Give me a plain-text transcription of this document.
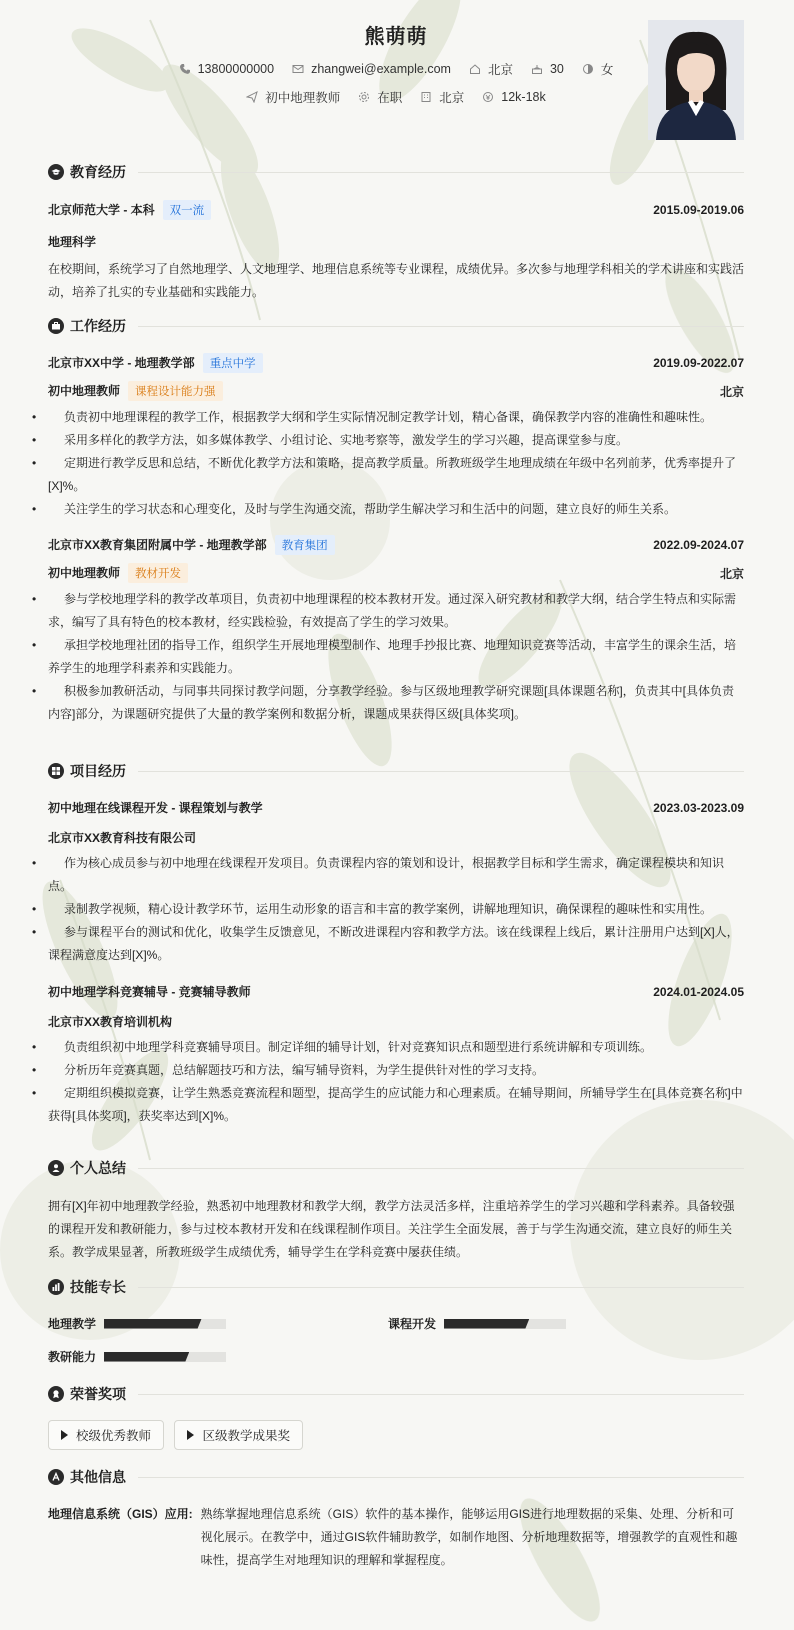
熊萌萌
13800000000	zhangwei@example.com	北京	30	女
初中地理教师	在职	北京	12k-18k
教育经历
北京师范大学 - 本科 双一流	2015.09-2019.06
地理科学
在校期间，系统学习了自然地理学、人文地理学、地理信息系统等专业课程，成绩优异。多次参与地理学科相关的学术讲座和实践活动，培养了扎实的专业基础和实践能力。
工作经历
北京市XX中学 - 地理教学部 重点中学	2019.09-2022.07
初中地理教师 课程设计能力强	北京
• 负责初中地理课程的教学工作，根据教学大纲和学生实际情况制定教学计划，精心备课，确保教学内容的准确性和趣味性。
• 采用多样化的教学方法，如多媒体教学、小组讨论、实地考察等，激发学生的学习兴趣，提高课堂参与度。
• 定期进行教学反思和总结，不断优化教学方法和策略，提高教学质量。所教班级学生地理成绩在年级中名列前茅，优秀率提升了[X]%。
• 关注学生的学习状态和心理变化，及时与学生沟通交流，帮助学生解决学习和生活中的问题，建立良好的师生关系。
北京市XX教育集团附属中学 - 地理教学部 教育集团	2022.09-2024.07
初中地理教师 教材开发	北京
• 参与学校地理学科的教学改革项目，负责初中地理课程的校本教材开发。通过深入研究教材和教学大纲，结合学生特点和实际需求，编写了具有特色的校本教材，经实践检验，有效提高了学生的学习效果。
• 承担学校地理社团的指导工作，组织学生开展地理模型制作、地理手抄报比赛、地理知识竞赛等活动，丰富学生的课余生活，培养学生的地理学科素养和实践能力。
• 积极参加教研活动，与同事共同探讨教学问题，分享教学经验。参与区级地理教学研究课题[具体课题名称]，负责其中[具体负责内容]部分，为课题研究提供了大量的教学案例和数据分析，课题成果获得区级[具体奖项]。
项目经历
初中地理在线课程开发 - 课程策划与教学	2023.03-2023.09
北京市XX教育科技有限公司
• 作为核心成员参与初中地理在线课程开发项目。负责课程内容的策划和设计，根据教学目标和学生需求，确定课程模块和知识点。
• 录制教学视频，精心设计教学环节，运用生动形象的语言和丰富的教学案例，讲解地理知识，确保课程的趣味性和实用性。
• 参与课程平台的测试和优化，收集学生反馈意见，不断改进课程内容和教学方法。该在线课程上线后，累计注册用户达到[X]人，课程满意度达到[X]%。
初中地理学科竞赛辅导 - 竞赛辅导教师	2024.01-2024.05
北京市XX教育培训机构
• 负责组织初中地理学科竞赛辅导项目。制定详细的辅导计划，针对竞赛知识点和题型进行系统讲解和专项训练。
• 分析历年竞赛真题，总结解题技巧和方法，编写辅导资料，为学生提供针对性的学习支持。
• 定期组织模拟竞赛，让学生熟悉竞赛流程和题型，提高学生的应试能力和心理素质。在辅导期间，所辅导学生在[具体竞赛名称]中获得[具体奖项]，获奖率达到[X]%。
个人总结
拥有[X]年初中地理教学经验，熟悉初中地理教材和教学大纲，教学方法灵活多样，注重培养学生的学习兴趣和学科素养。具备较强的课程开发和教研能力，参与过校本教材开发和在线课程制作项目。关注学生全面发展，善于与学生沟通交流，建立良好的师生关系。教学成果显著，所教班级学生成绩优秀，辅导学生在学科竞赛中屡获佳绩。
技能专长
地理教学	课程开发
教研能力
荣誉奖项
校级优秀教师
	区级教学成果奖
其他信息
地理信息系统（GIS）应用: 熟练掌握地理信息系统（GIS）软件的基本操作，能够运用GIS进行地理数据的采集、处理、分析和可视化展示。在教学中，通过GIS软件辅助教学，如制作地图、分析地理数据等，增强教学的直观性和趣味性，提高学生对地理知识的理解和掌握程度。
